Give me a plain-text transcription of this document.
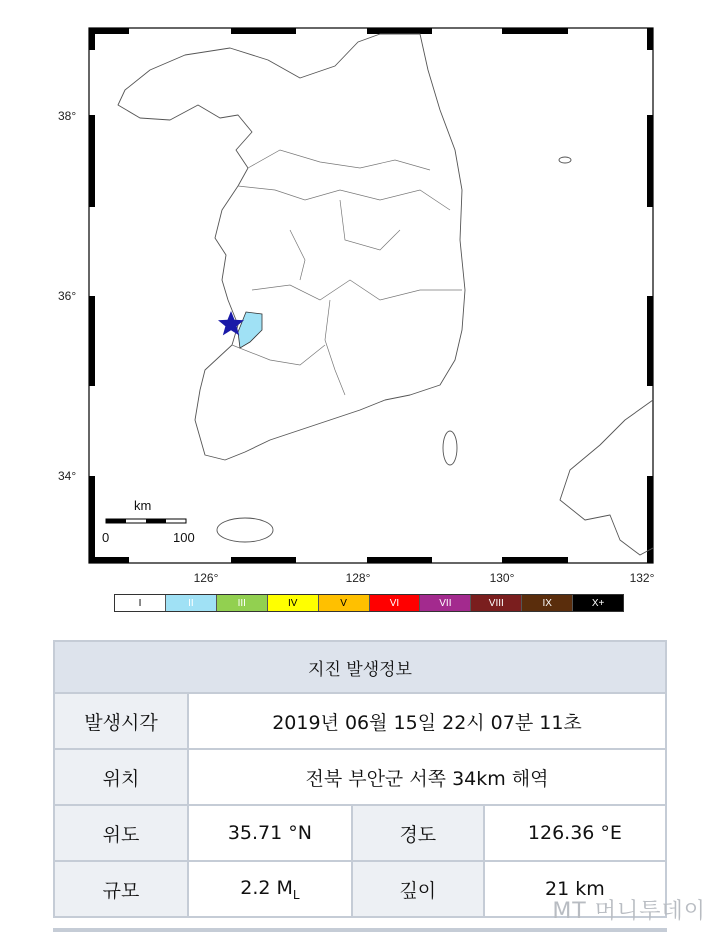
38°
36°
34°
126°	128°	130°	132°
km
0	100
I	II	III	IV	V	VI	VII	VIII	IX	X+
지진 발생정보			
발생시각	2019년 06월 15일 22시 07분 11초		
위치	전북 부안군 서쪽 34km 해역		
위도	35.71 °N	경도	126.36 °E
규모	2.2 $M_L$	깊이	21 km
MT 머니투데이
